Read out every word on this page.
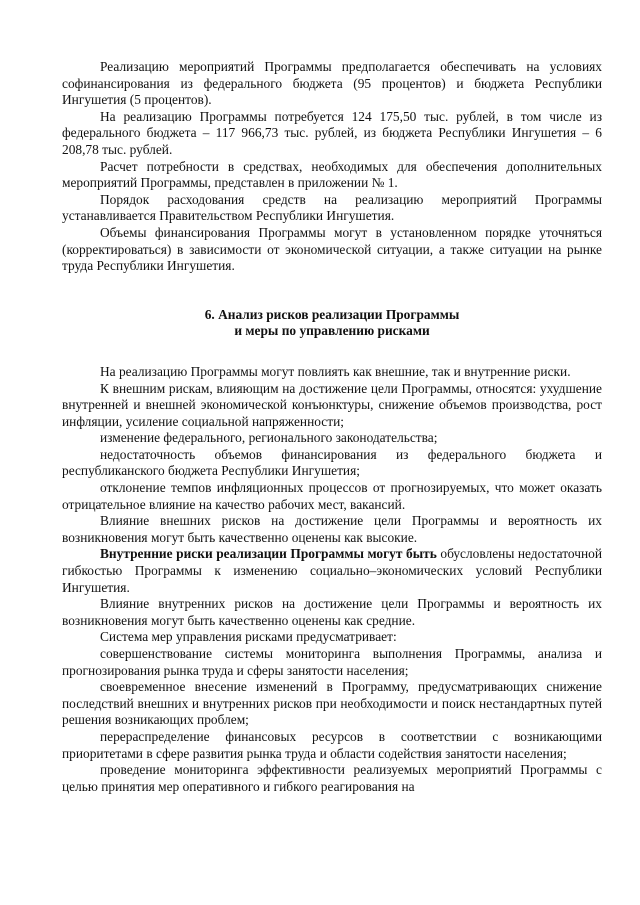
Реализацию мероприятий Программы предполагается обеспечивать на условиях софинансирования из федерального бюджета (95 процентов) и бюджета Республики Ингушетия (5 процентов).

На реализацию Программы потребуется 124 175,50 тыс. рублей, в том числе из федерального бюджета – 117 966,73 тыс. рублей, из бюджета Республики Ингушетия – 6 208,78 тыс. рублей.

Расчет потребности в средствах, необходимых для обеспечения дополнительных мероприятий Программы, представлен в приложении № 1.

Порядок расходования средств на реализацию мероприятий Программы устанавливается Правительством Республики Ингушетия.

Объемы финансирования Программы могут в установленном порядке уточняться (корректироваться) в зависимости от экономической ситуации, а также ситуации на рынке труда Республики Ингушетия.

6. Анализ рисков реализации Программы
и меры по управлению рисками

На реализацию Программы могут повлиять как внешние, так и внутренние риски.

К внешним рискам, влияющим на достижение цели Программы, относятся: ухудшение внутренней и внешней экономической конъюнктуры, снижение объемов производства, рост инфляции, усиление социальной напряженности;

изменение федерального, регионального законодательства;

недостаточность объемов финансирования из федерального бюджета и республиканского бюджета Республики Ингушетия;

отклонение темпов инфляционных процессов от прогнозируемых, что может оказать отрицательное влияние на качество рабочих мест, вакансий.

Влияние внешних рисков на достижение цели Программы и вероятность их возникновения могут быть качественно оценены как высокие.

Внутренние риски реализации Программы могут быть обусловлены недостаточной гибкостью Программы к изменению социально–экономических условий Республики Ингушетия.

Влияние внутренних рисков на достижение цели Программы и вероятность их возникновения могут быть качественно оценены как средние.

Система мер управления рисками предусматривает:

совершенствование системы мониторинга выполнения Программы, анализа и прогнозирования рынка труда и сферы занятости населения;

своевременное внесение изменений в Программу, предусматривающих снижение последствий внешних и внутренних рисков при необходимости и поиск нестандартных путей решения возникающих проблем;

перераспределение финансовых ресурсов в соответствии с возникающими приоритетами в сфере развития рынка труда и области содействия занятости населения;

проведение мониторинга эффективности реализуемых мероприятий Программы с целью принятия мер оперативного и гибкого реагирования на
